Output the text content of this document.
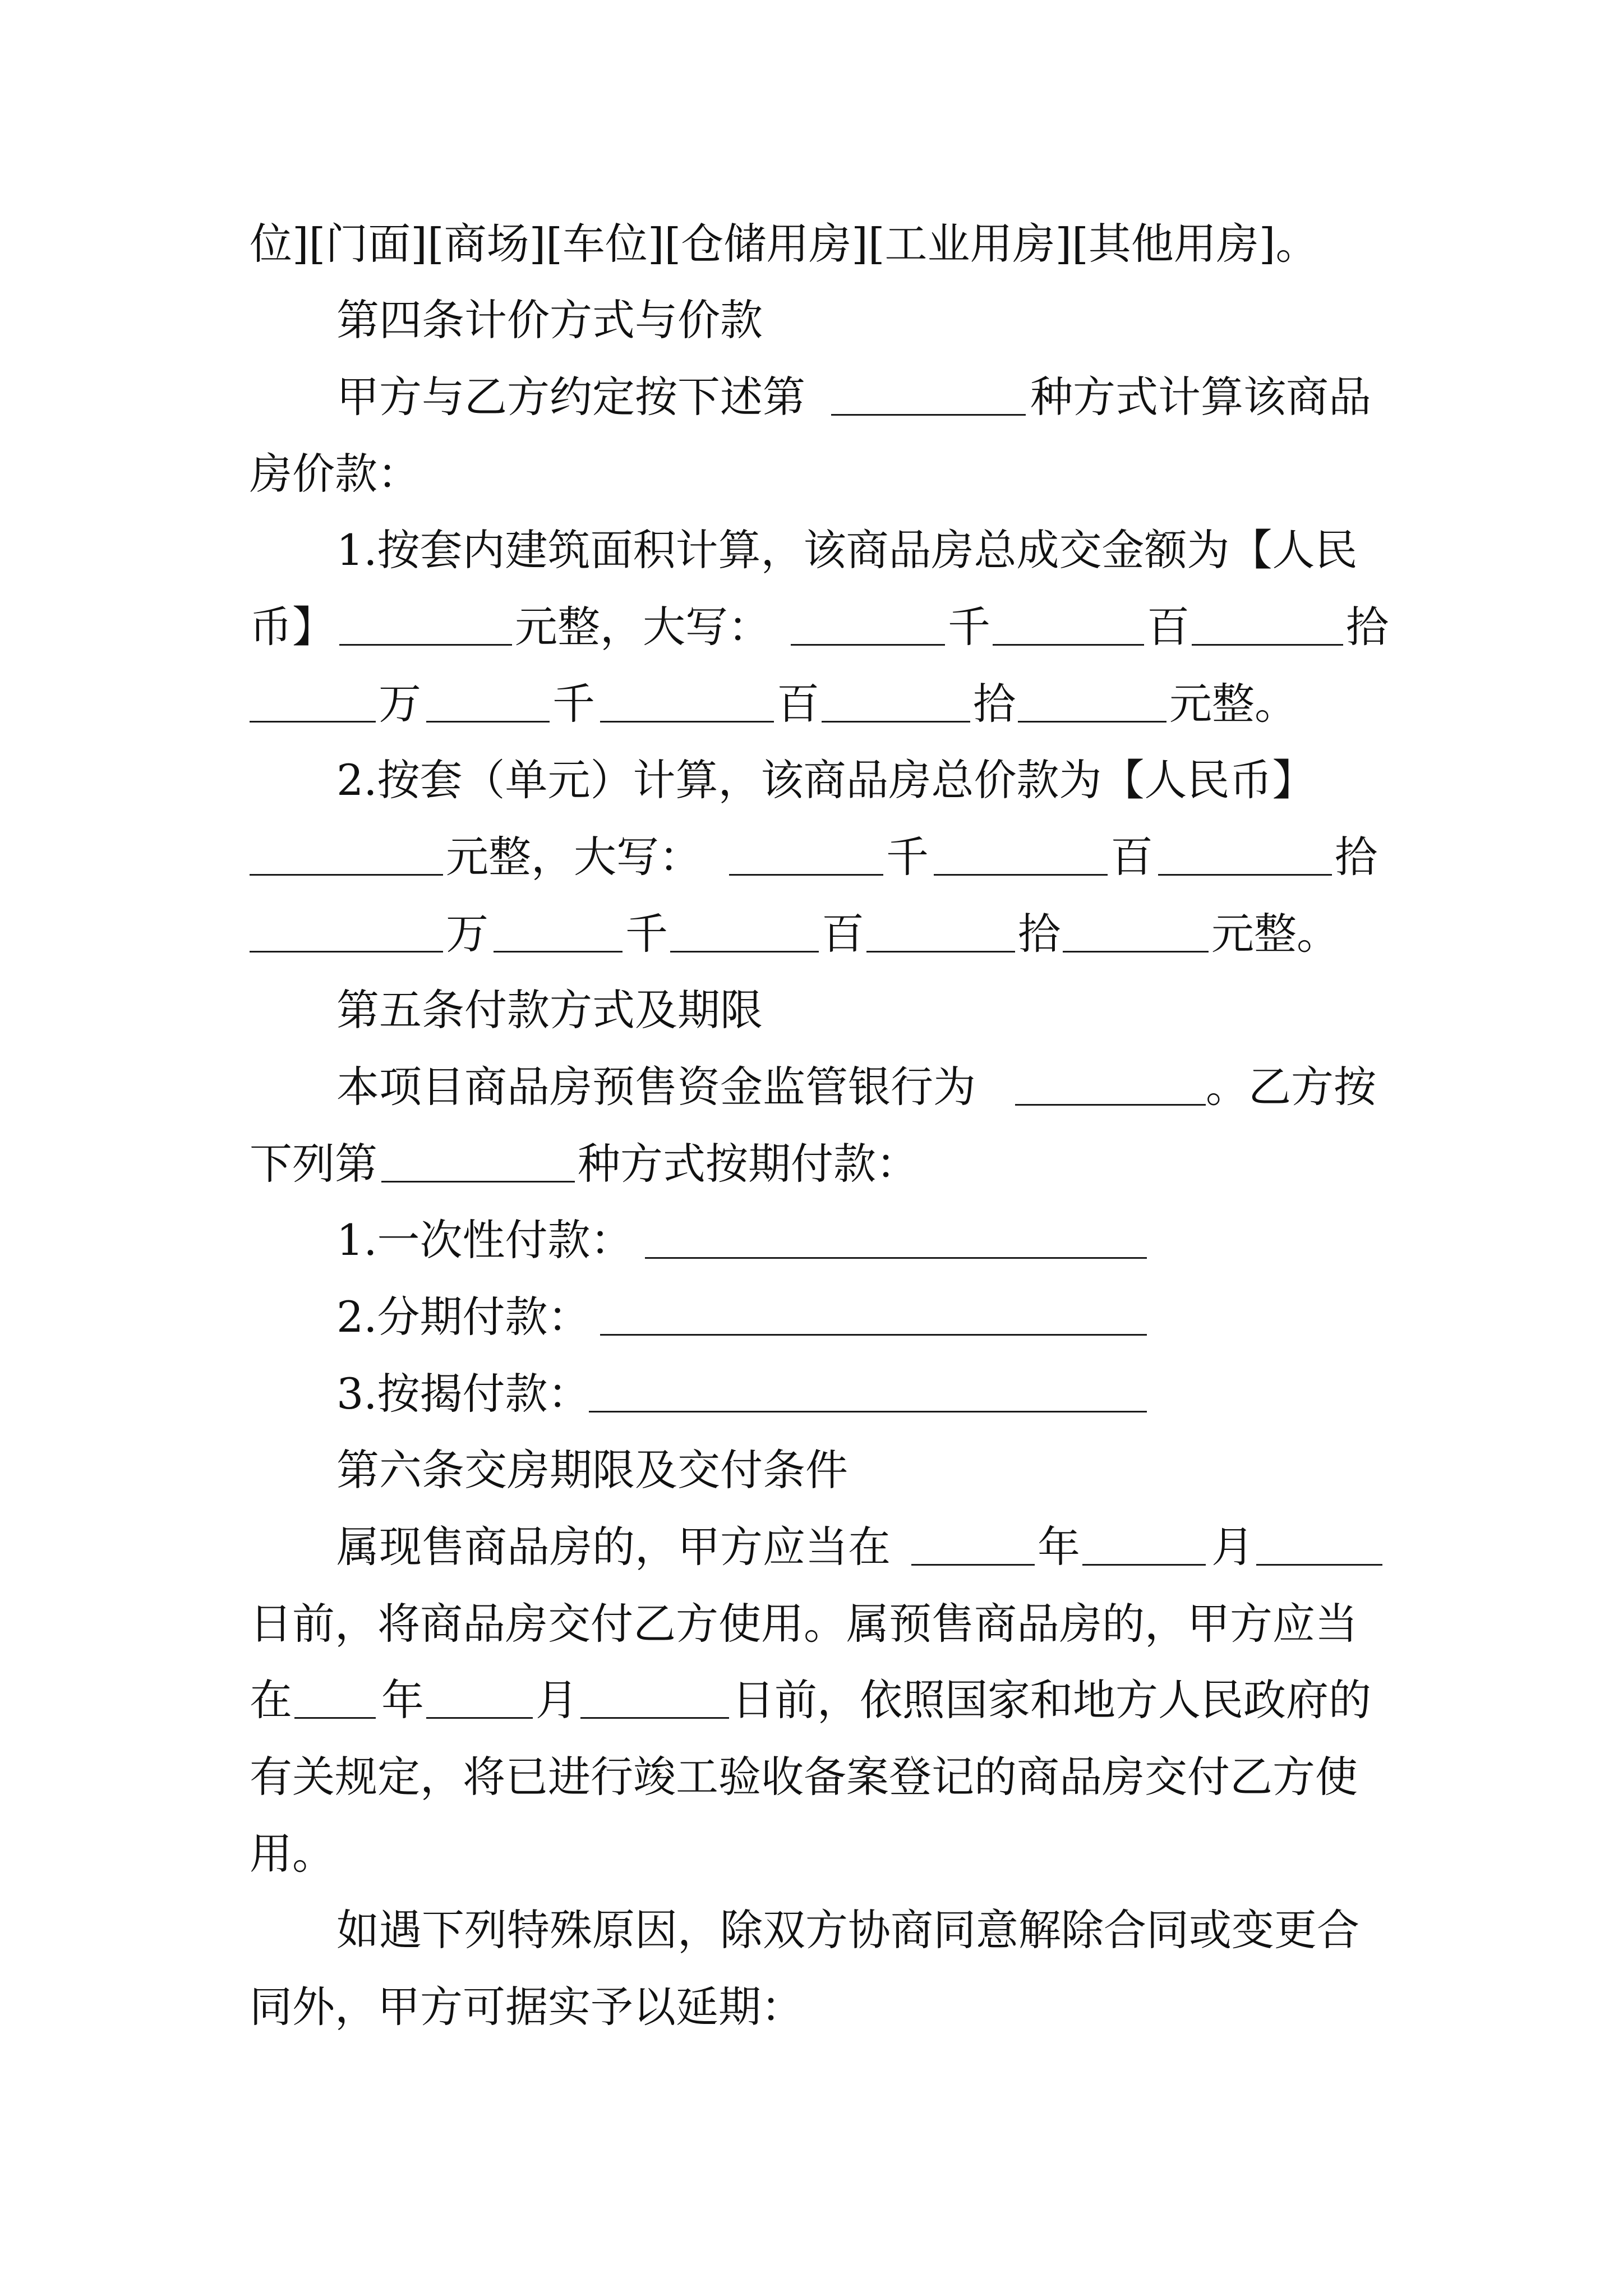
位][门面][商场][车位][仓储用房][工业用房][其他用房]。
第四条计价方式与价款
甲方与乙方约定按下述第	种方式计算该商品
房价款：
1.按套内建筑面积计算，该商品房总成交金额为【人民
币】	元整，大写：	千	百	拾
万	千	百	拾	元整。
2.按套（单元）计算，该商品房总价款为【人民币】
元整，大写：	千	百	拾
万	千	百	拾	元整。
第五条付款方式及期限
本项目商品房预售资金监管银行为	。乙方按
下列第	种方式按期付款：
1.一次性付款：
2.分期付款：
3.按揭付款：
第六条交房期限及交付条件
属现售商品房的，甲方应当在	年	月
日前，将商品房交付乙方使用。属预售商品房的，甲方应当
在 年	月	日前，依照国家和地方人民政府的
有关规定，将已进行竣工验收备案登记的商品房交付乙方使
用。
如遇下列特殊原因，除双方协商同意解除合同或变更合
同外，甲方可据实予以延期：
